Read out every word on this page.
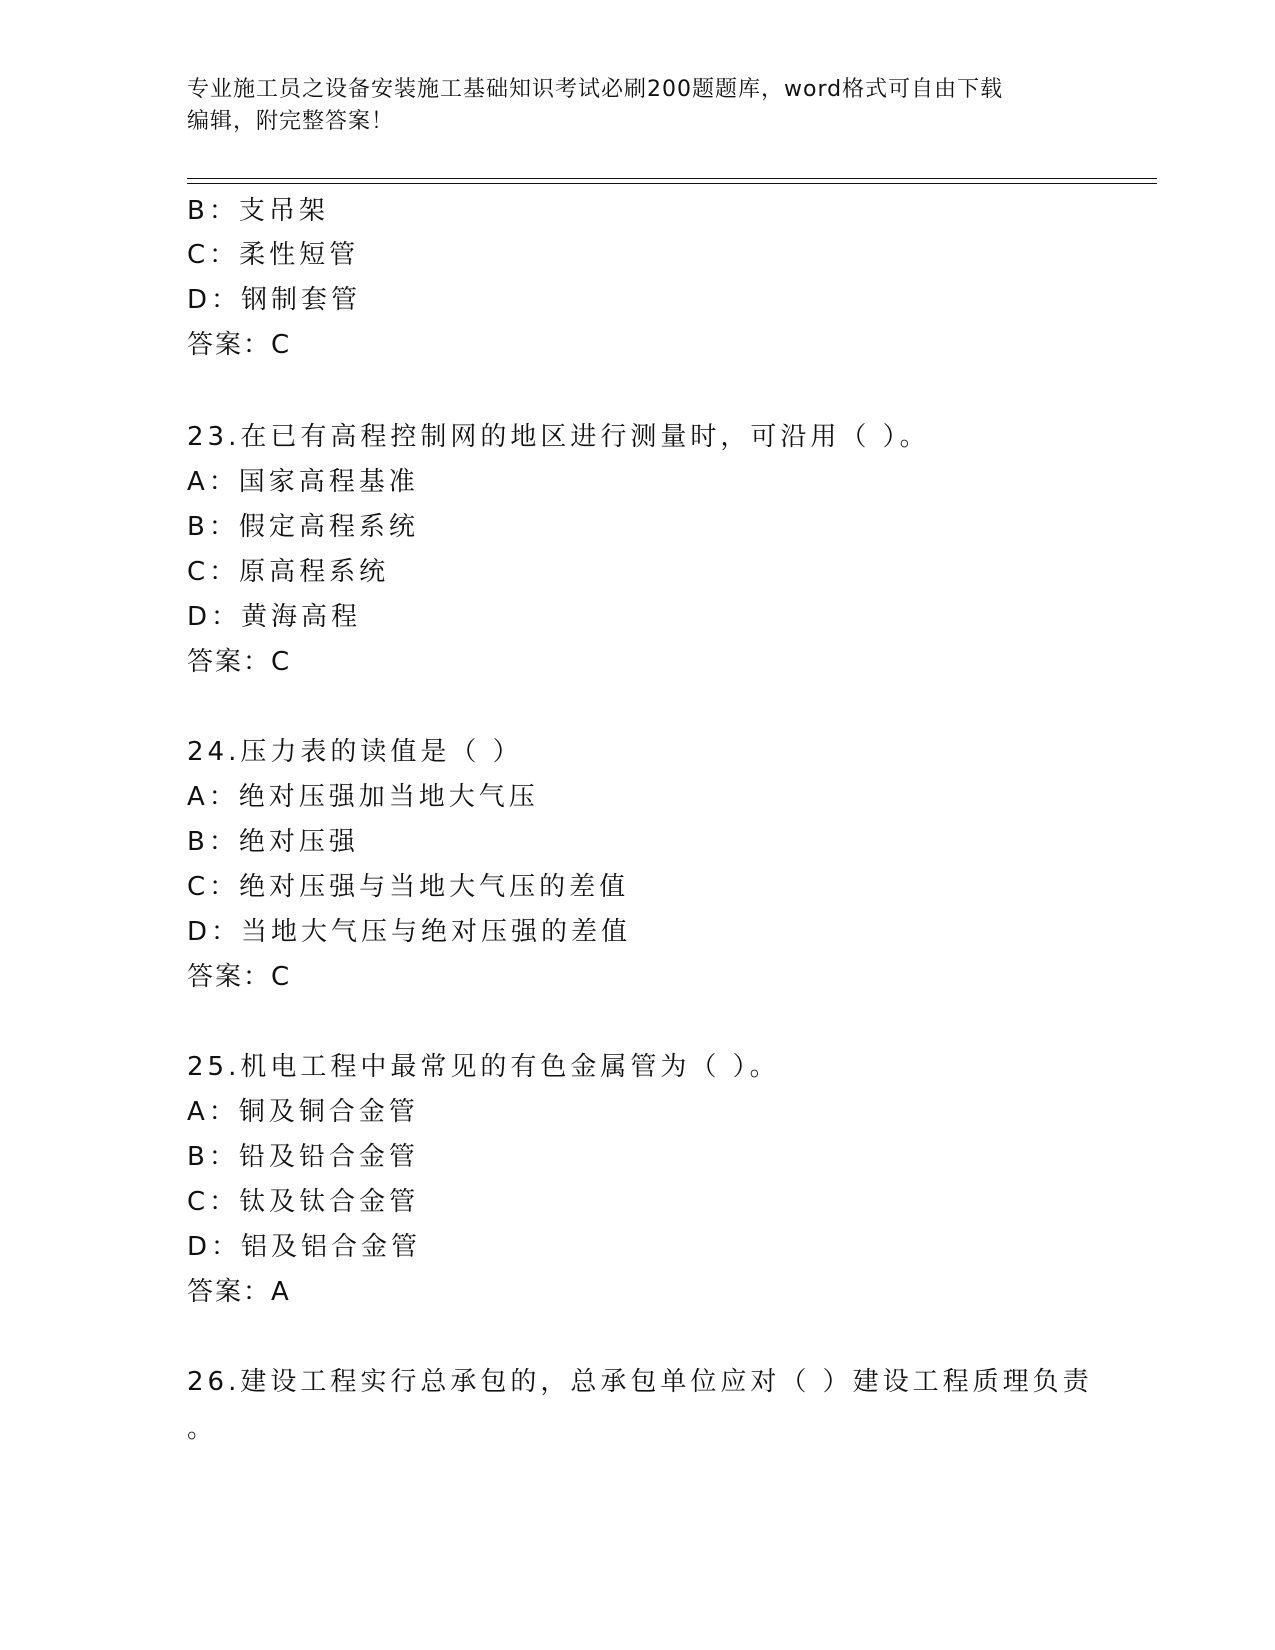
专业施工员之设备安装施工基础知识考试必刷200题题库，word格式可自由下载
编辑，附完整答案！
B：支吊架
C：柔性短管
D：钢制套管
答案：C
23.在已有高程控制网的地区进行测量时，可沿用（ ）。
A：国家高程基准
B：假定高程系统
C：原高程系统
D：黄海高程
答案：C
24.压力表的读值是（ ）
A：绝对压强加当地大气压
B：绝对压强
C：绝对压强与当地大气压的差值
D：当地大气压与绝对压强的差值
答案：C
25.机电工程中最常见的有色金属管为（ ）。
A：铜及铜合金管
B：铅及铅合金管
C：钛及钛合金管
D：铝及铝合金管
答案：A
26.建设工程实行总承包的，总承包单位应对（ ）建设工程质理负责
。
